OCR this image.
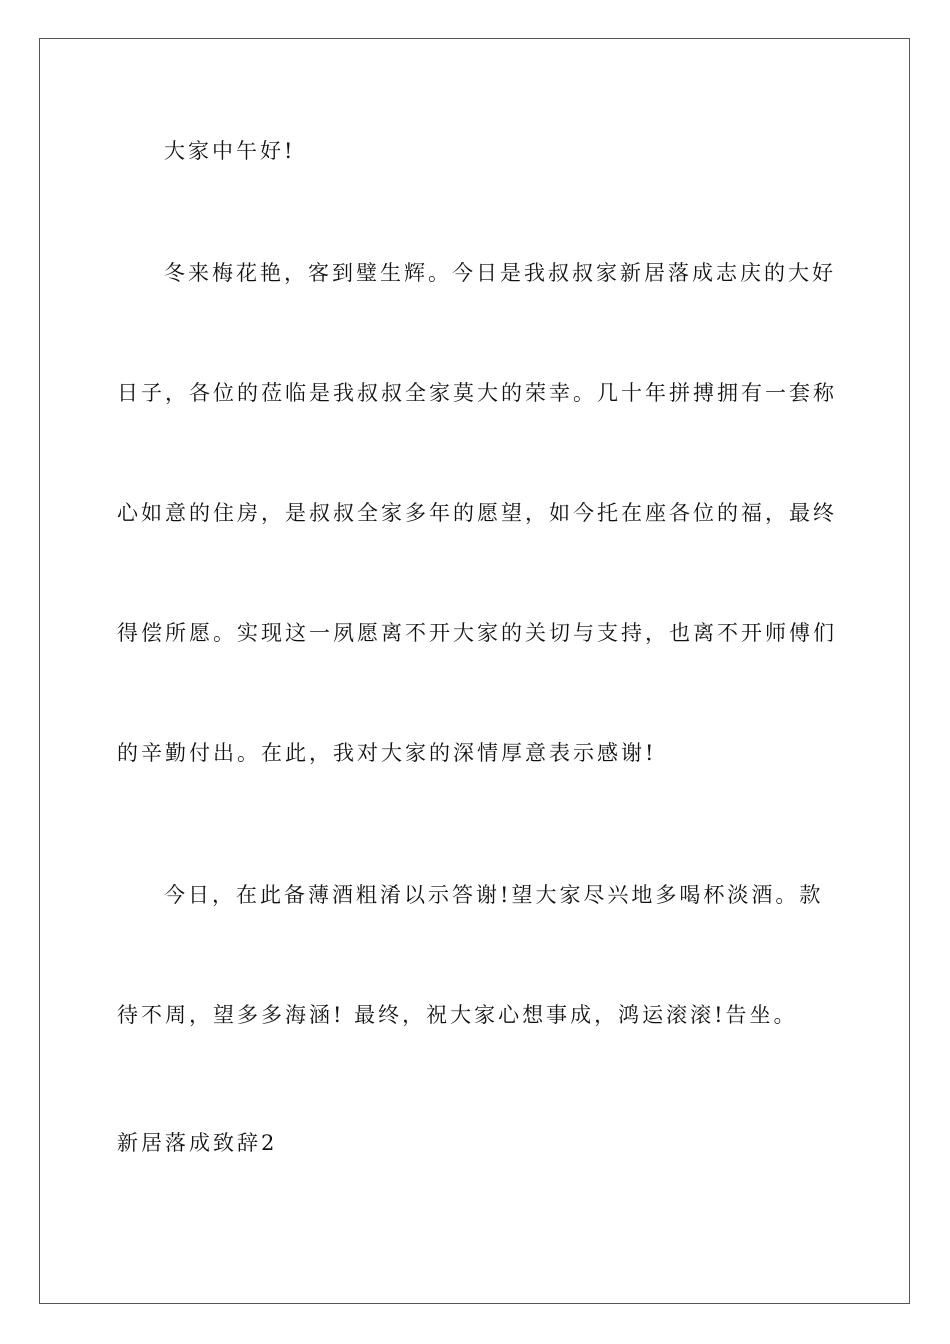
大家中午好!
冬来梅花艳，客到璧生辉。今日是我叔叔家新居落成志庆的大好
日子，各位的莅临是我叔叔全家莫大的荣幸。几十年拼搏拥有一套称
心如意的住房，是叔叔全家多年的愿望，如今托在座各位的福，最终
得偿所愿。实现这一夙愿离不开大家的关切与支持，也离不开师傅们
的辛勤付出。在此，我对大家的深情厚意表示感谢!
今日，在此备薄酒粗淆以示答谢!望大家尽兴地多喝杯淡酒。款
待不周，望多多海涵! 最终，祝大家心想事成，鸿运滚滚!告坐。
新居落成致辞2
